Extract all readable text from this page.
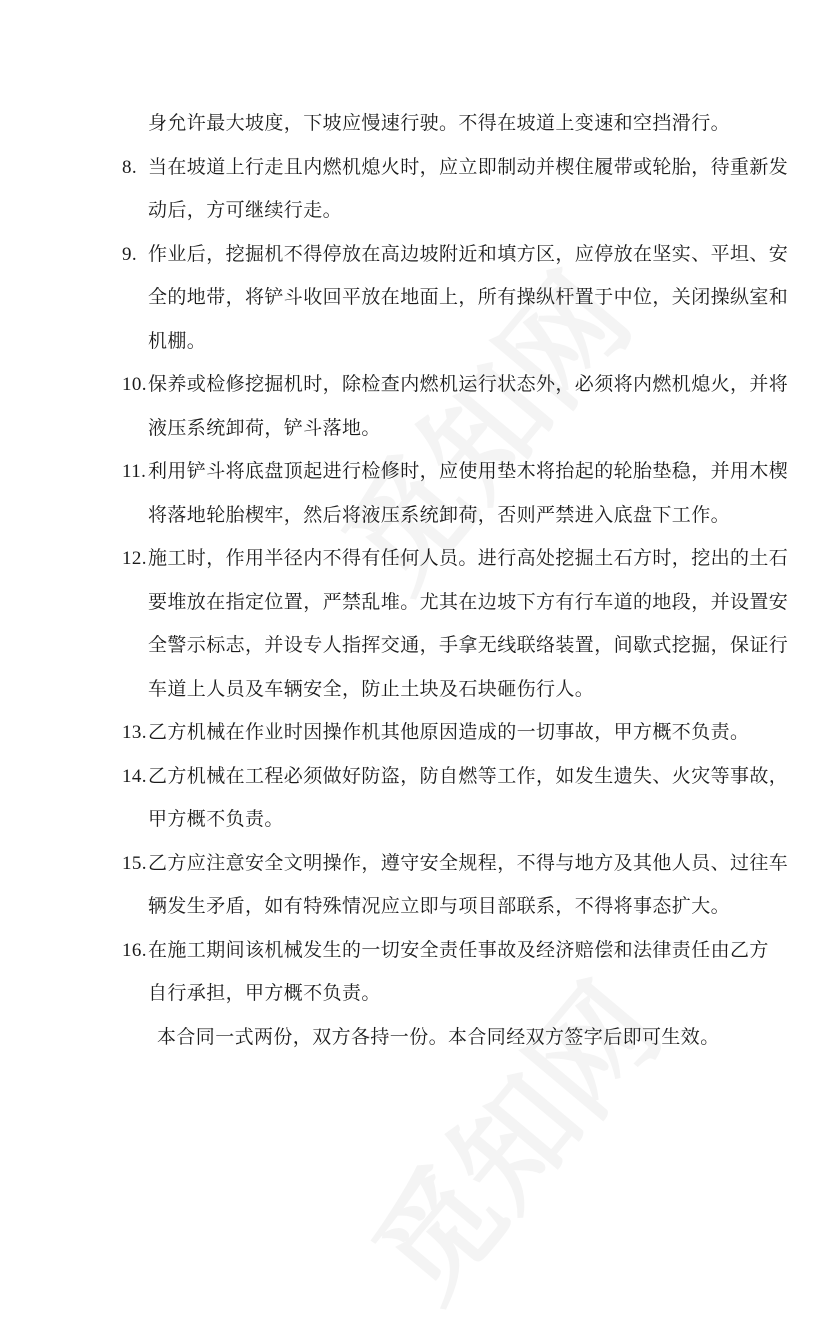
身允许最大坡度，下坡应慢速行驶。不得在坡道上变速和空挡滑行。
8. 当在坡道上行走且内燃机熄火时，应立即制动并楔住履带或轮胎，待重新发
动后，方可继续行走。
9. 作业后，挖掘机不得停放在高边坡附近和填方区，应停放在坚实、平坦、安
全的地带，将铲斗收回平放在地面上，所有操纵杆置于中位，关闭操纵室和
机棚。
10. 保养或检修挖掘机时，除检查内燃机运行状态外，必须将内燃机熄火，并将
液压系统卸荷，铲斗落地。
11. 利用铲斗将底盘顶起进行检修时，应使用垫木将抬起的轮胎垫稳，并用木楔
将落地轮胎楔牢，然后将液压系统卸荷，否则严禁进入底盘下工作。
12. 施工时，作用半径内不得有任何人员。进行高处挖掘土石方时，挖出的土石
要堆放在指定位置，严禁乱堆。尤其在边坡下方有行车道的地段，并设置安
全警示标志，并设专人指挥交通，手拿无线联络装置，间歇式挖掘，保证行
车道上人员及车辆安全，防止土块及石块砸伤行人。
13. 乙方机械在作业时因操作机其他原因造成的一切事故，甲方概不负责。
14. 乙方机械在工程必须做好防盗，防自燃等工作，如发生遗失、火灾等事故，
甲方概不负责。
15. 乙方应注意安全文明操作，遵守安全规程，不得与地方及其他人员、过往车
辆发生矛盾，如有特殊情况应立即与项目部联系，不得将事态扩大。
16. 在施工期间该机械发生的一切安全责任事故及经济赔偿和法律责任由乙方
自行承担，甲方概不负责。
本合同一式两份，双方各持一份。本合同经双方签字后即可生效。
